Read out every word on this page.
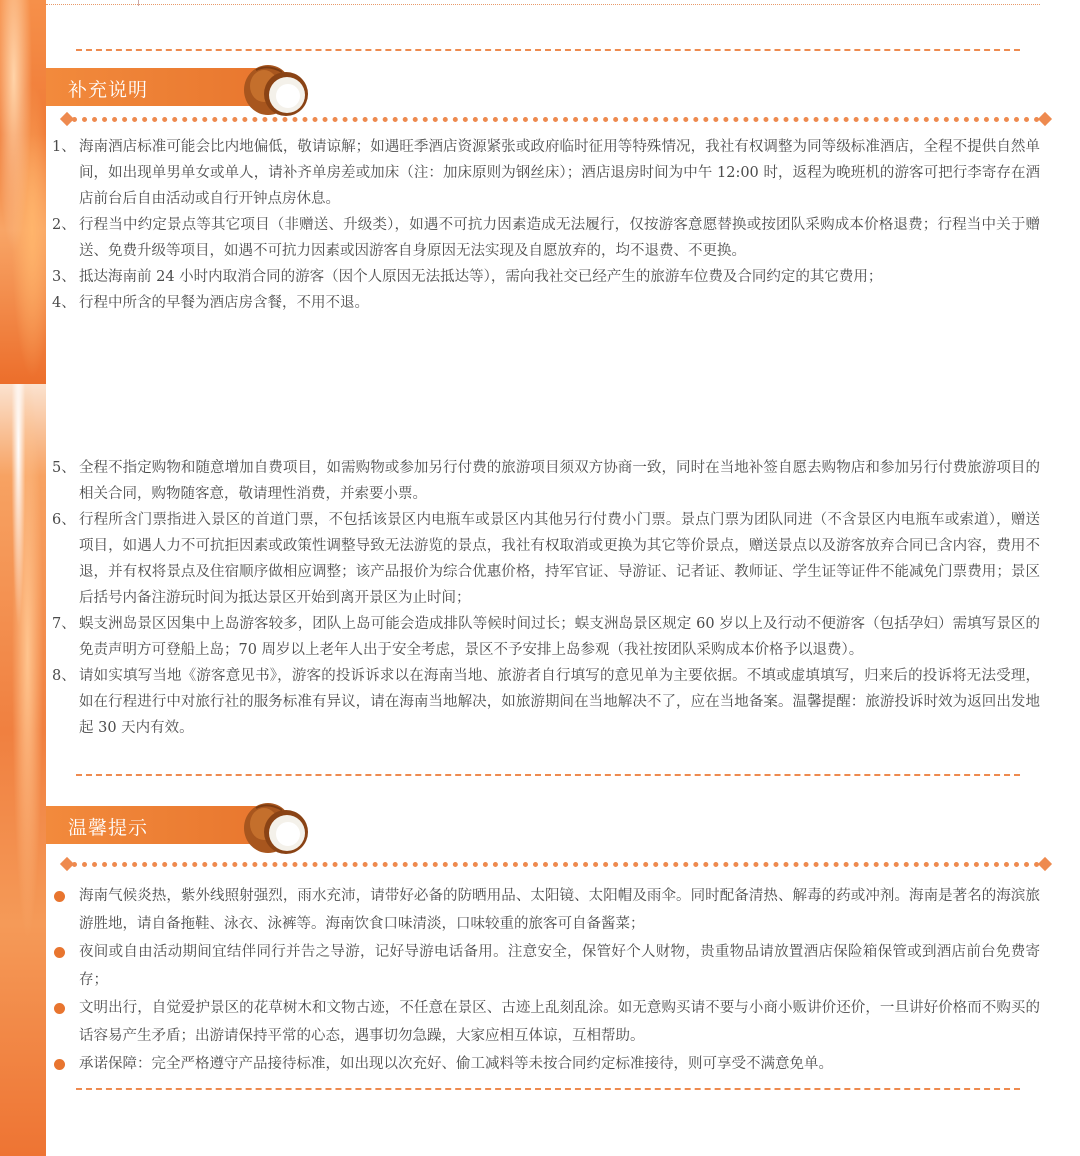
补充说明
1、 海南酒店标准可能会比内地偏低，敬请谅解；如遇旺季酒店资源紧张或政府临时征用等特殊情况，我社有权调整为同等级标准酒店，全程不提供自然单间，如出现单男单女或单人，请补齐单房差或加床（注：加床原则为钢丝床）；酒店退房时间为中午 12:00 时，返程为晚班机的游客可把行李寄存在酒店前台后自由活动或自行开钟点房休息。
2、 行程当中约定景点等其它项目（非赠送、升级类），如遇不可抗力因素造成无法履行，仅按游客意愿替换或按团队采购成本价格退费；行程当中关于赠送、免费升级等项目，如遇不可抗力因素或因游客自身原因无法实现及自愿放弃的，均不退费、不更换。
3、 抵达海南前 24 小时内取消合同的游客（因个人原因无法抵达等），需向我社交已经产生的旅游车位费及合同约定的其它费用；
4、 行程中所含的早餐为酒店房含餐，不用不退。
5、 全程不指定购物和随意增加自费项目，如需购物或参加另行付费的旅游项目须双方协商一致，同时在当地补签自愿去购物店和参加另行付费旅游项目的相关合同，购物随客意，敬请理性消费，并索要小票。
6、 行程所含门票指进入景区的首道门票，不包括该景区内电瓶车或景区内其他另行付费小门票。景点门票为团队同进（不含景区内电瓶车或索道），赠送项目，如遇人力不可抗拒因素或政策性调整导致无法游览的景点，我社有权取消或更换为其它等价景点，赠送景点以及游客放弃合同已含内容，费用不退，并有权将景点及住宿顺序做相应调整；该产品报价为综合优惠价格，持军官证、导游证、记者证、教师证、学生证等证件不能减免门票费用；景区后括号内备注游玩时间为抵达景区开始到离开景区为止时间；
7、 蜈支洲岛景区因集中上岛游客较多，团队上岛可能会造成排队等候时间过长；蜈支洲岛景区规定 60 岁以上及行动不便游客（包括孕妇）需填写景区的免责声明方可登船上岛；70 周岁以上老年人出于安全考虑，景区不予安排上岛参观（我社按团队采购成本价格予以退费）。
8、 请如实填写当地《游客意见书》，游客的投诉诉求以在海南当地、旅游者自行填写的意见单为主要依据。不填或虚填填写，归来后的投诉将无法受理，如在行程进行中对旅行社的服务标准有异议，请在海南当地解决，如旅游期间在当地解决不了，应在当地备案。温馨提醒：旅游投诉时效为返回出发地起 30 天内有效。
温馨提示
海南气候炎热，紫外线照射强烈，雨水充沛，请带好必备的防晒用品、太阳镜、太阳帽及雨伞。同时配备清热、解毒的药或冲剂。海南是著名的海滨旅游胜地，请自备拖鞋、泳衣、泳裤等。海南饮食口味清淡，口味较重的旅客可自备酱菜；
夜间或自由活动期间宜结伴同行并告之导游，记好导游电话备用。注意安全，保管好个人财物，贵重物品请放置酒店保险箱保管或到酒店前台免费寄存；
文明出行，自觉爱护景区的花草树木和文物古迹，不任意在景区、古迹上乱刻乱涂。如无意购买请不要与小商小贩讲价还价，一旦讲好价格而不购买的话容易产生矛盾；出游请保持平常的心态，遇事切勿急躁，大家应相互体谅，互相帮助。
承诺保障：完全严格遵守产品接待标准，如出现以次充好、偷工减料等未按合同约定标准接待，则可享受不满意免单。
